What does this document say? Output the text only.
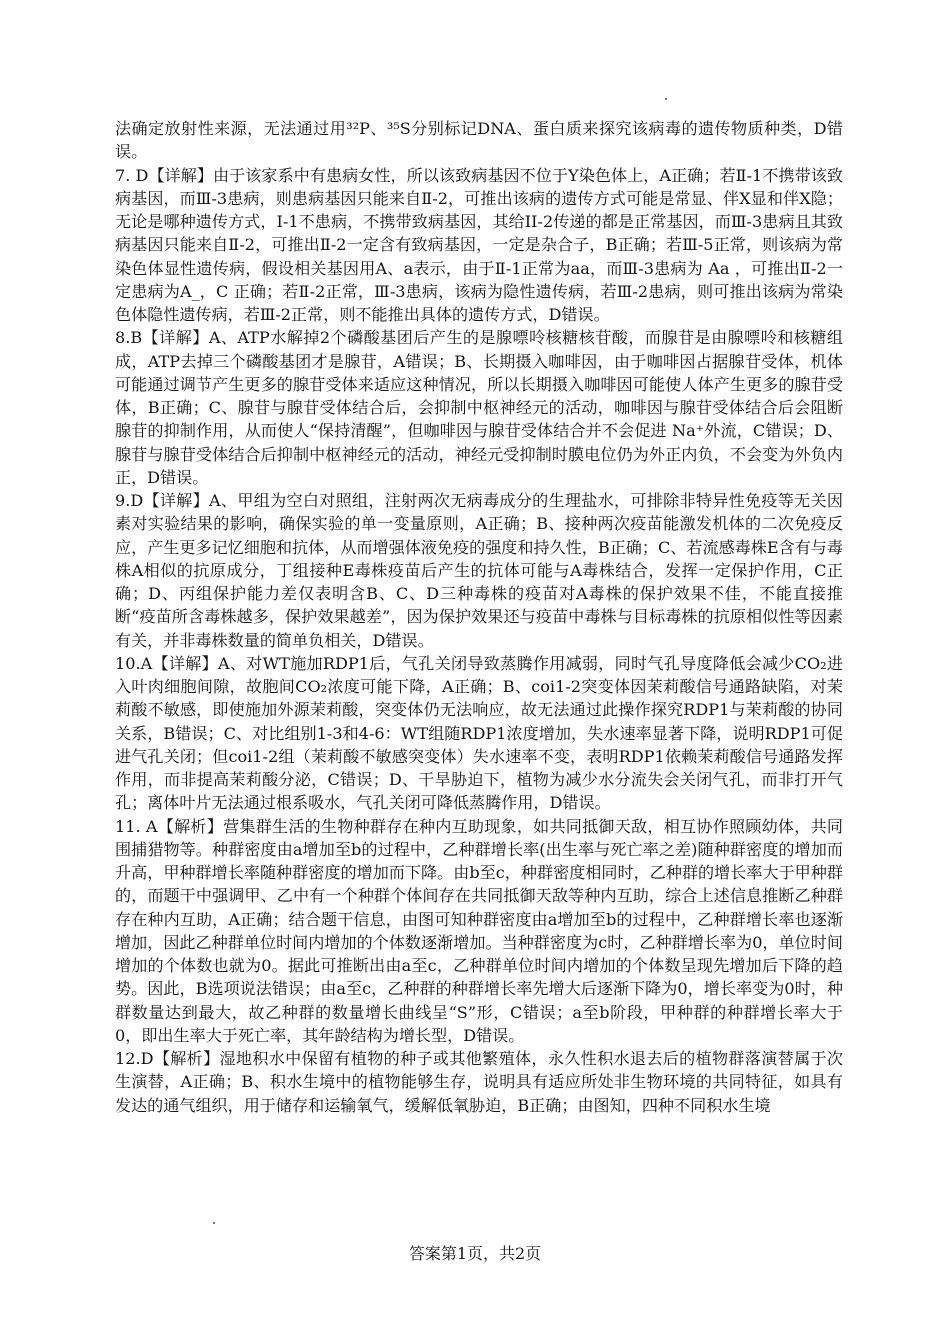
法确定放射性来源，无法通过用³²P、³⁵S分别标记DNA、蛋白质来探究该病毒的遗传物质种类，D错误。

7. D【详解】由于该家系中有患病女性，所以该致病基因不位于Y染色体上，A正确；若Ⅱ-1不携带该致病基因，而Ⅲ-3患病，则患病基因只能来自Ⅱ-2，可推出该病的遗传方式可能是常显、伴X显和伴X隐；无论是哪种遗传方式，I-1不患病，不携带致病基因，其给II-2传递的都是正常基因，而Ⅲ-3患病且其致病基因只能来自Ⅱ-2，可推出Ⅱ-2一定含有致病基因，一定是杂合子，B正确；若Ⅲ-5正常，则该病为常染色体显性遗传病，假设相关基因用A、a表示，由于Ⅱ-1正常为aa，而Ⅲ-3患病为 Aa ，可推出Ⅱ-2一定患病为A_，C 正确；若Ⅱ-2正常，Ⅲ-3患病，该病为隐性遗传病，若Ⅲ-2患病，则可推出该病为常染色体隐性遗传病，若Ⅲ-2正常，则不能推出具体的遗传方式，D错误。

8.B【详解】A、ATP水解掉2个磷酸基团后产生的是腺嘌呤核糖核苷酸，而腺苷是由腺嘌呤和核糖组成，ATP去掉三个磷酸基团才是腺苷，A错误；B、长期摄入咖啡因，由于咖啡因占据腺苷受体，机体可能通过调节产生更多的腺苷受体来适应这种情况，所以长期摄入咖啡因可能使人体产生更多的腺苷受体，B正确；C、腺苷与腺苷受体结合后，会抑制中枢神经元的活动，咖啡因与腺苷受体结合后会阻断腺苷的抑制作用，从而使人“保持清醒”，但咖啡因与腺苷受体结合并不会促进 Na⁺外流，C错误；D、腺苷与腺苷受体结合后抑制中枢神经元的活动，神经元受抑制时膜电位仍为外正内负，不会变为外负内正，D错误。

9.D【详解】A、甲组为空白对照组，注射两次无病毒成分的生理盐水，可排除非特异性免疫等无关因素对实验结果的影响，确保实验的单一变量原则，A正确；B、接种两次疫苗能激发机体的二次免疫反应，产生更多记忆细胞和抗体，从而增强体液免疫的强度和持久性，B正确；C、若流感毒株E含有与毒株A相似的抗原成分，丁组接种E毒株疫苗后产生的抗体可能与A毒株结合，发挥一定保护作用，C正确；D、丙组保护能力差仅表明含B、C、D三种毒株的疫苗对A毒株的保护效果不佳，不能直接推断“疫苗所含毒株越多，保护效果越差”，因为保护效果还与疫苗中毒株与目标毒株的抗原相似性等因素有关，并非毒株数量的简单负相关，D错误。

10.A【详解】A、对WT施加RDP1后，气孔关闭导致蒸腾作用减弱，同时气孔导度降低会减少CO₂进入叶肉细胞间隙，故胞间CO₂浓度可能下降，A正确；B、coi1-2突变体因茉莉酸信号通路缺陷，对茉莉酸不敏感，即使施加外源茉莉酸，突变体仍无法响应，故无法通过此操作探究RDP1与茉莉酸的协同关系，B错误；C、对比组别1-3和4-6：WT组随RDP1浓度增加，失水速率显著下降，说明RDP1可促进气孔关闭；但coi1-2组（茉莉酸不敏感突变体）失水速率不变，表明RDP1依赖茉莉酸信号通路发挥作用，而非提高茉莉酸分泌，C错误；D、干旱胁迫下，植物为减少水分流失会关闭气孔，而非打开气孔；离体叶片无法通过根系吸水，气孔关闭可降低蒸腾作用，D错误。

11. A【解析】营集群生活的生物种群存在种内互助现象，如共同抵御天敌，相互协作照顾幼体，共同围捕猎物等。种群密度由a增加至b的过程中，乙种群增长率(出生率与死亡率之差)随种群密度的增加而升高，甲种群增长率随种群密度的增加而下降。由b至c，种群密度相同时，乙种群的增长率大于甲种群的，而题干中强调甲、乙中有一个种群个体间存在共同抵御天敌等种内互助，综合上述信息推断乙种群存在种内互助，A正确；结合题干信息，由图可知种群密度由a增加至b的过程中，乙种群增长率也逐渐增加，因此乙种群单位时间内增加的个体数逐渐增加。当种群密度为c时，乙种群增长率为0，单位时间增加的个体数也就为0。据此可推断出由a至c，乙种群单位时间内增加的个体数呈现先增加后下降的趋势。因此，B选项说法错误；由a至c，乙种群的种群增长率先增大后逐渐下降为0，增长率变为0时，种群数量达到最大，故乙种群的数量增长曲线呈“S”形，C错误；a至b阶段，甲种群的种群增长率大于0，即出生率大于死亡率，其年龄结构为增长型，D错误。

12.D【解析】湿地积水中保留有植物的种子或其他繁殖体，永久性积水退去后的植物群落演替属于次生演替，A正确；B、积水生境中的植物能够生存，说明具有适应所处非生物环境的共同特征，如具有发达的通气组织，用于储存和运输氧气，缓解低氧胁迫，B正确；由图知，四种不同积水生境

答案第1页，共2页
